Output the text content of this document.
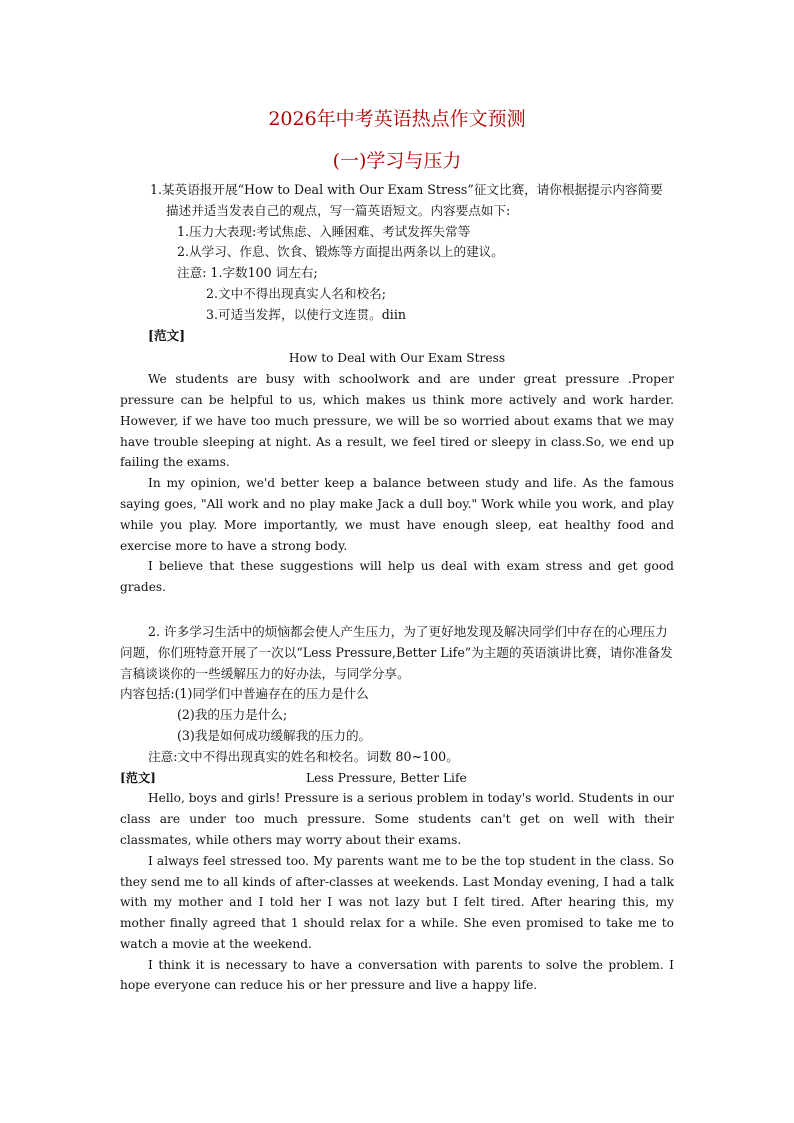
2026年中考英语热点作文预测
(一)学习与压力

1.某英语报开展“How to Deal with Our Exam Stress”征文比赛，请你根据提示内容简要描述并适当发表自己的观点，写一篇英语短文。内容要点如下:

1.压力大表现:考试焦虑、入睡困难、考试发挥失常等

2.从学习、作息、饮食、锻炼等方面提出两条以上的建议。

注意: 1.字数100 词左右;

2.文中不得出现真实人名和校名;

3.可适当发挥，以使行文连贯。diin

[范文]

How to Deal with Our Exam Stress

We students are busy with schoolwork and are under great pressure .Proper pressure can be helpful to us, which makes us think more actively and work harder. However, if we have too much pressure, we will be so worried about exams that we may have trouble sleeping at night. As a result, we feel tired or sleepy in class.So, we end up failing the exams.

In my opinion, we'd better keep a balance between study and life. As the famous saying goes, "All work and no play make Jack a dull boy." Work while you work, and play while you play. More importantly, we must have enough sleep, eat healthy food and exercise more to have a strong body.

I believe that these suggestions will help us deal with exam stress and get good grades.

2. 许多学习生活中的烦恼都会使人产生压力，为了更好地发现及解决同学们中存在的心理压力问题，你们班特意开展了一次以“Less Pressure,Better Life”为主题的英语演讲比赛，请你准备发言稿谈谈你的一些缓解压力的好办法，与同学分享。

内容包括:(1)同学们中普遍存在的压力是什么

(2)我的压力是什么;

(3)我是如何成功缓解我的压力的。

注意:文中不得出现真实的姓名和校名。词数 80~100。

[范文]	Less Pressure, Better Life

Hello, boys and girls! Pressure is a serious problem in today's world. Students in our class are under too much pressure. Some students can't get on well with their classmates, while others may worry about their exams.

I always feel stressed too. My parents want me to be the top student in the class. So they send me to all kinds of after-classes at weekends. Last Monday evening, I had a talk with my mother and I told her I was not lazy but I felt tired. After hearing this, my mother finally agreed that 1 should relax for a while. She even promised to take me to watch a movie at the weekend.

I think it is necessary to have a conversation with parents to solve the problem. I hope everyone can reduce his or her pressure and live a happy life.
